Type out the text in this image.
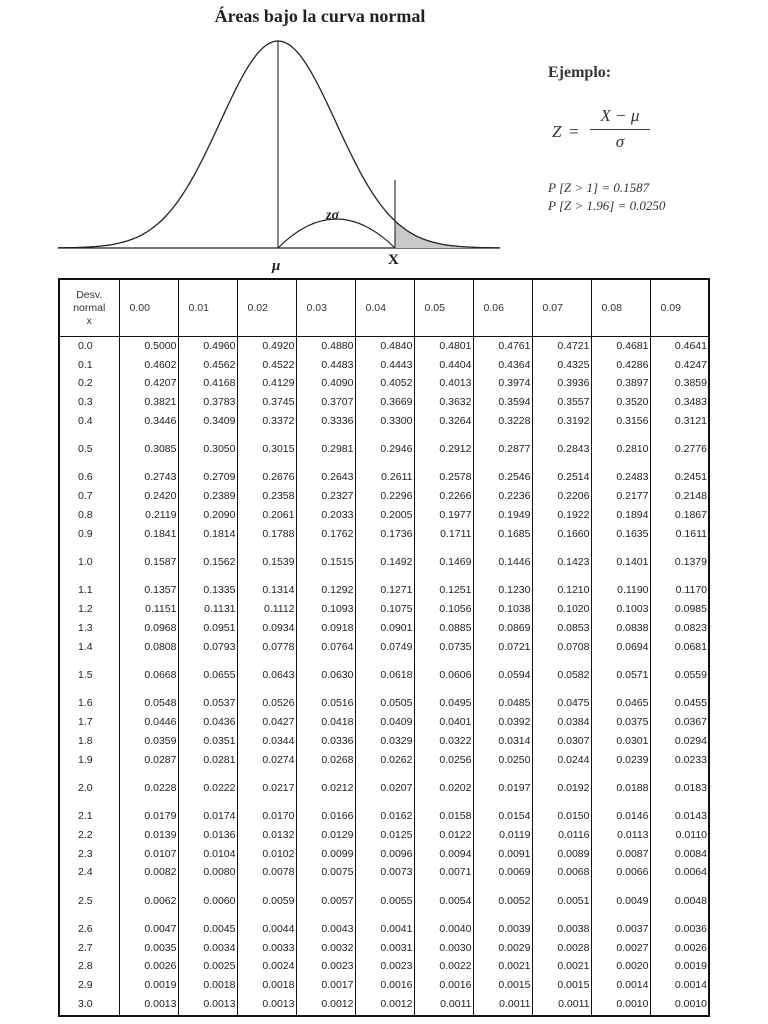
Áreas bajo la curva normal
zσ
μ	X
Ejemplo:
Z =
X − μ
σ
P [Z > 1] = 0.1587
P [Z > 1.96] = 0.0250
Desv.
normal
x	0.00	0.01	0.02	0.03	0.04	0.05	0.06	0.07	0.08	0.09
0.0	0.5000	0.4960	0.4920	0.4880	0.4840	0.4801	0.4761	0.4721	0.4681	0.4641
0.1	0.4602	0.4562	0.4522	0.4483	0.4443	0.4404	0.4364	0.4325	0.4286	0.4247
0.2	0.4207	0.4168	0.4129	0.4090	0.4052	0.4013	0.3974	0.3936	0.3897	0.3859
0.3	0.3821	0.3783	0.3745	0.3707	0.3669	0.3632	0.3594	0.3557	0.3520	0.3483
0.4	0.3446	0.3409	0.3372	0.3336	0.3300	0.3264	0.3228	0.3192	0.3156	0.3121
0.5	0.3085	0.3050	0.3015	0.2981	0.2946	0.2912	0.2877	0.2843	0.2810	0.2776
0.6	0.2743	0.2709	0.2676	0.2643	0.2611	0.2578	0.2546	0.2514	0.2483	0.2451
0.7	0.2420	0.2389	0.2358	0.2327	0.2296	0.2266	0.2236	0.2206	0.2177	0.2148
0.8	0.2119	0.2090	0.2061	0.2033	0.2005	0.1977	0.1949	0.1922	0.1894	0.1867
0.9	0.1841	0.1814	0.1788	0.1762	0.1736	0.1711	0.1685	0.1660	0.1635	0.1611
1.0	0.1587	0.1562	0.1539	0.1515	0.1492	0.1469	0.1446	0.1423	0.1401	0.1379
1.1	0.1357	0.1335	0.1314	0.1292	0.1271	0.1251	0.1230	0.1210	0.1190	0.1170
1.2	0.1151	0.1131	0.1112	0.1093	0.1075	0.1056	0.1038	0.1020	0.1003	0.0985
1.3	0.0968	0.0951	0.0934	0.0918	0.0901	0.0885	0.0869	0.0853	0.0838	0.0823
1.4	0.0808	0.0793	0.0778	0.0764	0.0749	0.0735	0.0721	0.0708	0.0694	0.0681
1.5	0.0668	0.0655	0.0643	0.0630	0.0618	0.0606	0.0594	0.0582	0.0571	0.0559
1.6	0.0548	0.0537	0.0526	0.0516	0.0505	0.0495	0.0485	0.0475	0.0465	0.0455
1.7	0.0446	0.0436	0.0427	0.0418	0.0409	0.0401	0.0392	0.0384	0.0375	0.0367
1.8	0.0359	0.0351	0.0344	0.0336	0.0329	0.0322	0.0314	0.0307	0.0301	0.0294
1.9	0.0287	0.0281	0.0274	0.0268	0.0262	0.0256	0.0250	0.0244	0.0239	0.0233
2.0	0.0228	0.0222	0.0217	0.0212	0.0207	0.0202	0.0197	0.0192	0.0188	0.0183
2.1	0.0179	0.0174	0.0170	0.0166	0.0162	0.0158	0.0154	0.0150	0.0146	0.0143
2.2	0.0139	0.0136	0.0132	0.0129	0.0125	0.0122	0.0119	0.0116	0.0113	0.0110
2.3	0.0107	0.0104	0.0102	0.0099	0.0096	0.0094	0.0091	0.0089	0.0087	0.0084
2.4	0.0082	0.0080	0.0078	0.0075	0.0073	0.0071	0.0069	0.0068	0.0066	0.0064
2.5	0.0062	0.0060	0.0059	0.0057	0.0055	0.0054	0.0052	0.0051	0.0049	0.0048
2.6	0.0047	0.0045	0.0044	0.0043	0.0041	0.0040	0.0039	0.0038	0.0037	0.0036
2.7	0.0035	0.0034	0.0033	0.0032	0.0031	0.0030	0.0029	0.0028	0.0027	0.0026
2.8	0.0026	0.0025	0.0024	0.0023	0.0023	0.0022	0.0021	0.0021	0.0020	0.0019
2.9	0.0019	0.0018	0.0018	0.0017	0.0016	0.0016	0.0015	0.0015	0.0014	0.0014
3.0	0.0013	0.0013	0.0013	0.0012	0.0012	0.0011	0.0011	0.0011	0.0010	0.0010
